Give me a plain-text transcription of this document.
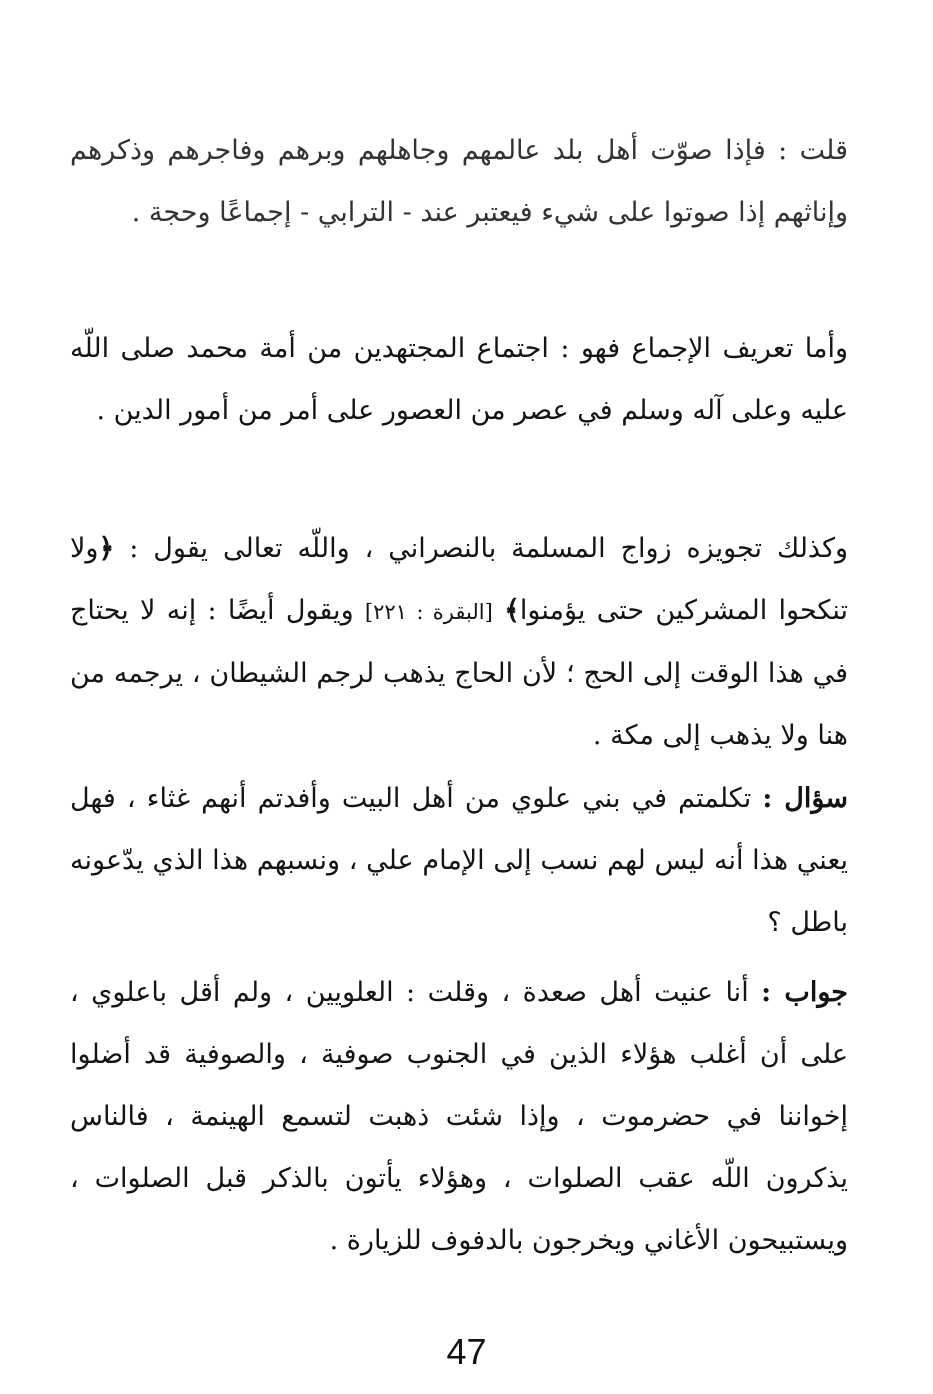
قلت : فإذا صوّت أهل بلد عالمهم وجاهلهم وبرهم وفاجرهم وذكرهم وإناثهم إذا صوتوا على شيء فيعتبر عند - الترابي - إجماعًا وحجة .

وأما تعريف الإجماع فهو : اجتماع المجتهدين من أمة محمد صلى اللّه عليه وعلى آله وسلم في عصر من العصور على أمر من أمور الدين .

وكذلك تجويزه زواج المسلمة بالنصراني ، واللّه تعالى يقول : ﴿ولا تنكحوا المشركين حتى يؤمنوا﴾ [البقرة : ٢٢١] ويقول أيضًا : إنه لا يحتاج في هذا الوقت إلى الحج ؛ لأن الحاج يذهب لرجم الشيطان ، يرجمه من هنا ولا يذهب إلى مكة .

سؤال : تكلمتم في بني علوي من أهل البيت وأفدتم أنهم غثاء ، فهل يعني هذا أنه ليس لهم نسب إلى الإمام علي ، ونسبهم هذا الذي يدّعونه باطل ؟

جواب : أنا عنيت أهل صعدة ، وقلت : العلويين ، ولم أقل باعلوي ، على أن أغلب هؤلاء الذين في الجنوب صوفية ، والصوفية قد أضلوا إخواننا في حضرموت ، وإذا شئت ذهبت لتسمع الهينمة ، فالناس يذكرون اللّه عقب الصلوات ، وهؤلاء يأتون بالذكر قبل الصلوات ، ويستبيحون الأغاني ويخرجون بالدفوف للزيارة .

47
